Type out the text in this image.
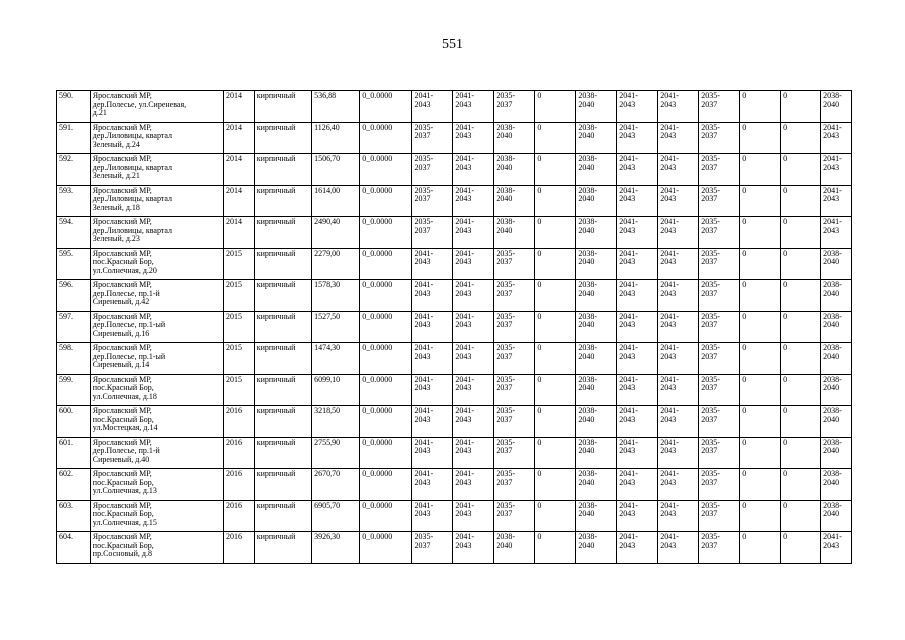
551
590.	Ярославский МР,
дер.Полесье, ул.Сиреневая,
д.21	2014	кирпичный	536,88	0_0.0000	2041-
2043	2041-
2043	2035-
2037	0	2038-
2040	2041-
2043	2041-
2043	2035-
2037	0	0	2038-
2040

591.	Ярославский МР,
дер.Лиловицы, квартал
Зеленый, д.24	2014	кирпичный	1126,40	0_0.0000	2035-
2037	2041-
2043	2038-
2040	0	2038-
2040	2041-
2043	2041-
2043	2035-
2037	0	0	2041-
2043

592.	Ярославский МР,
дер.Лиловицы, квартал
Зеленый, д.21	2014	кирпичный	1506,70	0_0.0000	2035-
2037	2041-
2043	2038-
2040	0	2038-
2040	2041-
2043	2041-
2043	2035-
2037	0	0	2041-
2043

593.	Ярославский МР,
дер.Лиловицы, квартал
Зеленый, д.18	2014	кирпичный	1614,00	0_0.0000	2035-
2037	2041-
2043	2038-
2040	0	2038-
2040	2041-
2043	2041-
2043	2035-
2037	0	0	2041-
2043

594.	Ярославский МР,
дер.Лиловицы, квартал
Зеленый, д.23	2014	кирпичный	2490,40	0_0.0000	2035-
2037	2041-
2043	2038-
2040	0	2038-
2040	2041-
2043	2041-
2043	2035-
2037	0	0	2041-
2043

595.	Ярославский МР,
пос.Красный Бор,
ул.Солнечная, д.20	2015	кирпичный	2279,00	0_0.0000	2041-
2043	2041-
2043	2035-
2037	0	2038-
2040	2041-
2043	2041-
2043	2035-
2037	0	0	2038-
2040

596.	Ярославский МР,
дер.Полесье, пр.1-й
Сиреневый, д.42	2015	кирпичный	1578,30	0_0.0000	2041-
2043	2041-
2043	2035-
2037	0	2038-
2040	2041-
2043	2041-
2043	2035-
2037	0	0	2038-
2040

597.	Ярославский МР,
дер.Полесье, пр.1-ый
Сиреневый, д.16	2015	кирпичный	1527,50	0_0.0000	2041-
2043	2041-
2043	2035-
2037	0	2038-
2040	2041-
2043	2041-
2043	2035-
2037	0	0	2038-
2040

598.	Ярославский МР,
дер.Полесье, пр.1-ый
Сиреневый, д.14	2015	кирпичный	1474,30	0_0.0000	2041-
2043	2041-
2043	2035-
2037	0	2038-
2040	2041-
2043	2041-
2043	2035-
2037	0	0	2038-
2040

599.	Ярославский МР,
пос.Красный Бор,
ул.Солнечная, д.18	2015	кирпичный	6099,10	0_0.0000	2041-
2043	2041-
2043	2035-
2037	0	2038-
2040	2041-
2043	2041-
2043	2035-
2037	0	0	2038-
2040

600.	Ярославский МР,
пос.Красный Бор,
ул.Мостецкая, д.14	2016	кирпичный	3218,50	0_0.0000	2041-
2043	2041-
2043	2035-
2037	0	2038-
2040	2041-
2043	2041-
2043	2035-
2037	0	0	2038-
2040

601.	Ярославский МР,
дер.Полесье, пр.1-й
Сиреневый, д.40	2016	кирпичный	2755,90	0_0.0000	2041-
2043	2041-
2043	2035-
2037	0	2038-
2040	2041-
2043	2041-
2043	2035-
2037	0	0	2038-
2040

602.	Ярославский МР,
пос.Красный Бор,
ул.Солнечная, д.13	2016	кирпичный	2670,70	0_0.0000	2041-
2043	2041-
2043	2035-
2037	0	2038-
2040	2041-
2043	2041-
2043	2035-
2037	0	0	2038-
2040

603.	Ярославский МР,
пос.Красный Бор,
ул.Солнечная, д.15	2016	кирпичный	6905,70	0_0.0000	2041-
2043	2041-
2043	2035-
2037	0	2038-
2040	2041-
2043	2041-
2043	2035-
2037	0	0	2038-
2040

604.	Ярославский МР,
пос.Красный Бор,
пр.Сосновый, д.8	2016	кирпичный	3926,30	0_0.0000	2035-
2037	2041-
2043	2038-
2040	0	2038-
2040	2041-
2043	2041-
2043	2035-
2037	0	0	2041-
2043
